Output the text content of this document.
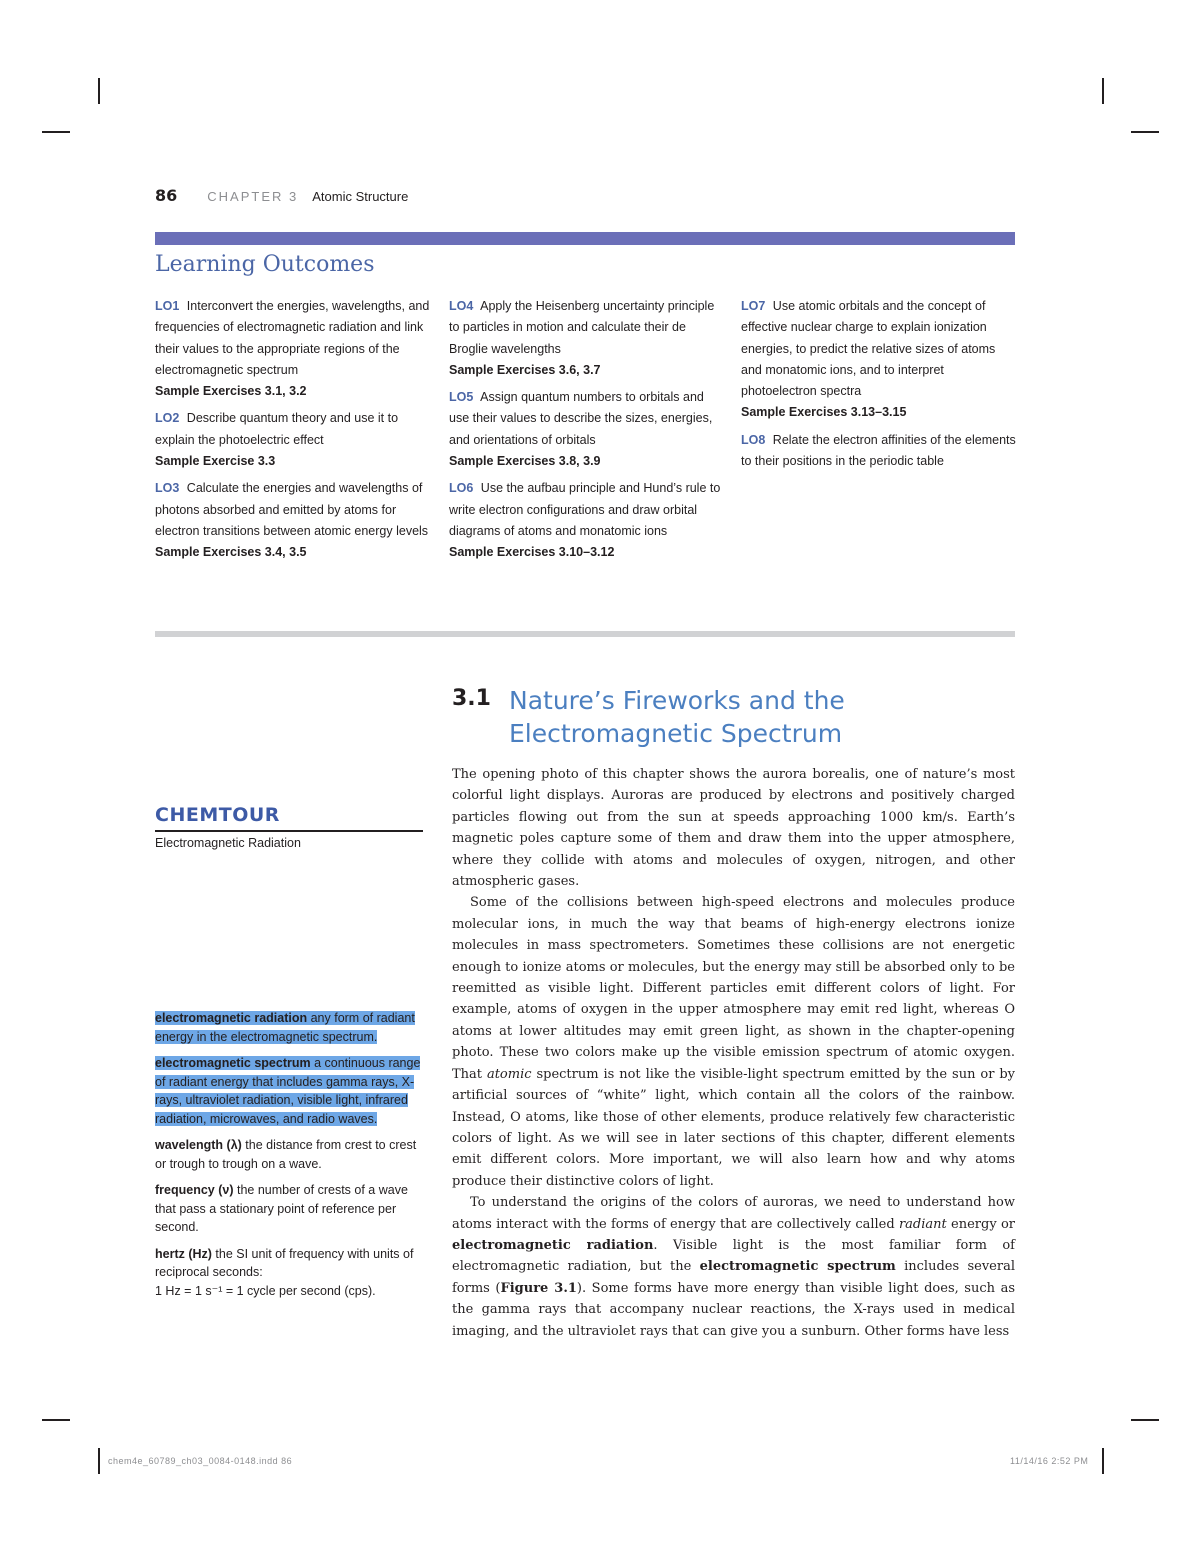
86 CHAPTER 3 Atomic Structure
Learning Outcomes
LO1 Interconvert the energies, wavelengths, and frequencies of electromagnetic radiation and link their values to the appropriate regions of the electromagnetic spectrum
Sample Exercises 3.1, 3.2
LO2 Describe quantum theory and use it to explain the photoelectric effect
Sample Exercise 3.3
LO3 Calculate the energies and wavelengths of photons absorbed and emitted by atoms for electron transitions between atomic energy levels
Sample Exercises 3.4, 3.5
LO4 Apply the Heisenberg uncertainty principle to particles in motion and calculate their de Broglie wavelengths
Sample Exercises 3.6, 3.7
LO5 Assign quantum numbers to orbitals and use their values to describe the sizes, energies, and orientations of orbitals
Sample Exercises 3.8, 3.9
LO6 Use the aufbau principle and Hund’s rule to write electron configurations and draw orbital diagrams of atoms and monatomic ions
Sample Exercises 3.10–3.12
LO7 Use atomic orbitals and the concept of effective nuclear charge to explain ionization energies, to predict the relative sizes of atoms and monatomic ions, and to interpret photoelectron spectra
Sample Exercises 3.13–3.15
LO8 Relate the electron affinities of the elements to their positions in the periodic table
3.1 Nature’s Fireworks and the Electromagnetic Spectrum

The opening photo of this chapter shows the aurora borealis, one of nature’s most colorful light displays. Auroras are produced by electrons and positively charged particles flowing out from the sun at speeds approaching 1000 km/s. Earth’s magnetic poles capture some of them and draw them into the upper atmosphere, where they collide with atoms and molecules of oxygen, nitrogen, and other atmospheric gases.

Some of the collisions between high-speed electrons and molecules produce molecular ions, in much the way that beams of high-energy electrons ionize molecules in mass spectrometers. Sometimes these collisions are not energetic enough to ionize atoms or molecules, but the energy may still be absorbed only to be reemitted as visible light. Different particles emit different colors of light. For example, atoms of oxygen in the upper atmosphere may emit red light, whereas O atoms at lower altitudes may emit green light, as shown in the chapter-opening photo. These two colors make up the visible emission spectrum of atomic oxygen. That atomic spectrum is not like the visible-light spectrum emitted by the sun or by artificial sources of “white” light, which contain all the colors of the rainbow. Instead, O atoms, like those of other elements, produce relatively few characteristic colors of light. As we will see in later sections of this chapter, different elements emit different colors. More important, we will also learn how and why atoms produce their distinctive colors of light.

To understand the origins of the colors of auroras, we need to understand how atoms interact with the forms of energy that are collectively called radiant energy or electromagnetic radiation. Visible light is the most familiar form of electromagnetic radiation, but the electromagnetic spectrum includes several forms (Figure 3.1). Some forms have more energy than visible light does, such as the gamma rays that accompany nuclear reactions, the X-rays used in medical imaging, and the ultraviolet rays that can give you a sunburn. Other forms have less

CHEMTOUR
Electromagnetic Radiation
electromagnetic radiation any form of radiant energy in the electromagnetic spectrum.
electromagnetic spectrum a continuous range of radiant energy that includes gamma rays, X-rays, ultraviolet radiation, visible light, infrared radiation, microwaves, and radio waves.
wavelength (λ) the distance from crest to crest or trough to trough on a wave.
frequency (ν) the number of crests of a wave that pass a stationary point of reference per second.
hertz (Hz) the SI unit of frequency with units of reciprocal seconds:
1 Hz = 1 s⁻¹ = 1 cycle per second (cps).
chem4e_60789_ch03_0084-0148.indd 86	11/14/16 2:52 PM
